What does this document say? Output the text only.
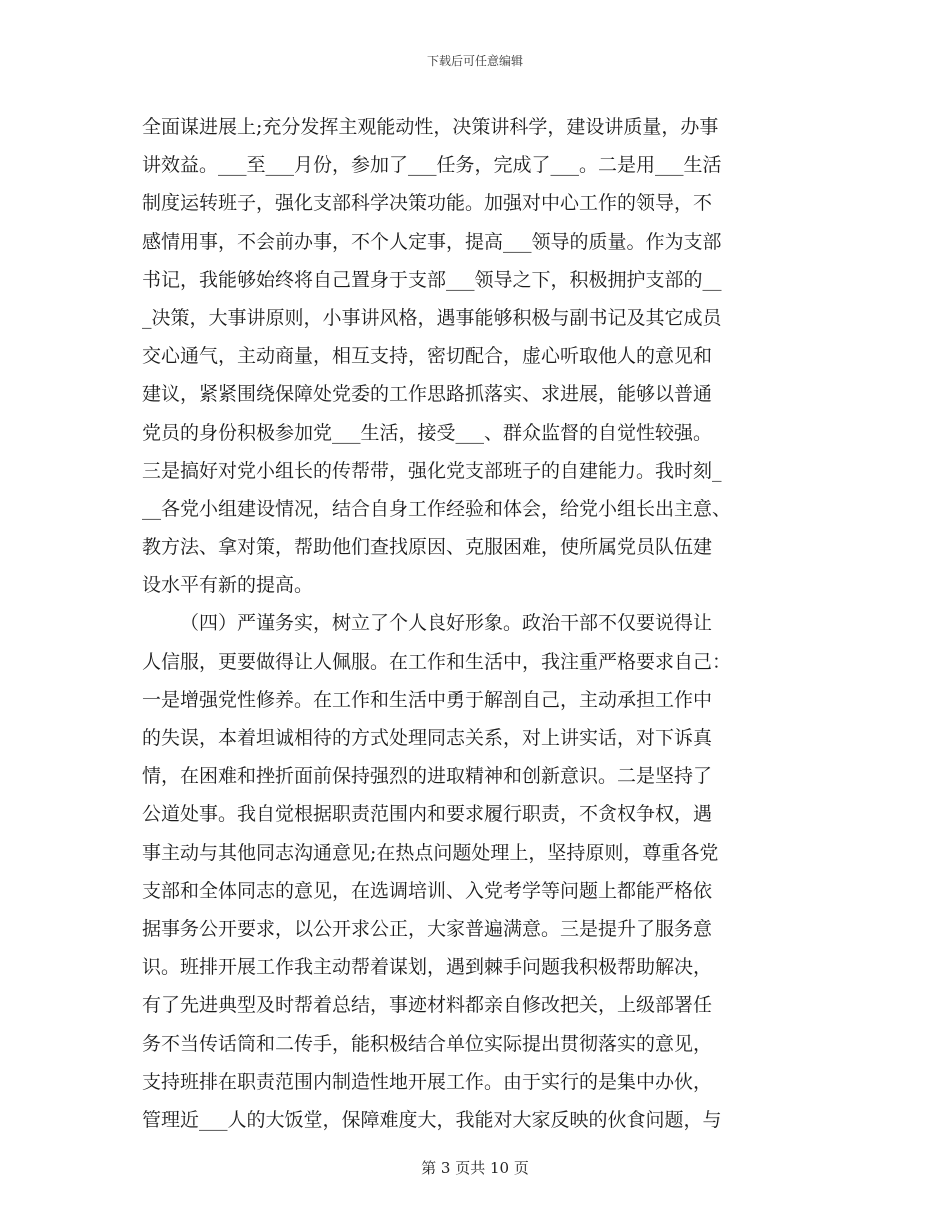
下载后可任意编辑
全面谋进展上;充分发挥主观能动性，决策讲科学，建设讲质量，办事
讲效益。___至___月份，参加了___任务，完成了___。二是用___生活
制度运转班子，强化支部科学决策功能。加强对中心工作的领导，不
感情用事，不会前办事，不个人定事，提高___领导的质量。作为支部
书记，我能够始终将自己置身于支部___领导之下，积极拥护支部的__
_决策，大事讲原则，小事讲风格，遇事能够积极与副书记及其它成员
交心通气，主动商量，相互支持，密切配合，虚心听取他人的意见和
建议，紧紧围绕保障处党委的工作思路抓落实、求进展，能够以普通
党员的身份积极参加党___生活，接受___、群众监督的自觉性较强。
三是搞好对党小组长的传帮带，强化党支部班子的自建能力。我时刻_
__各党小组建设情况，结合自身工作经验和体会，给党小组长出主意、
教方法、拿对策，帮助他们查找原因、克服困难，使所属党员队伍建
设水平有新的提高。
（四）严谨务实，树立了个人良好形象。政治干部不仅要说得让
人信服，更要做得让人佩服。在工作和生活中，我注重严格要求自己：
一是增强党性修养。在工作和生活中勇于解剖自己，主动承担工作中
的失误，本着坦诚相待的方式处理同志关系，对上讲实话，对下诉真
情，在困难和挫折面前保持强烈的进取精神和创新意识。二是坚持了
公道处事。我自觉根据职责范围内和要求履行职责，不贪权争权，遇
事主动与其他同志沟通意见;在热点问题处理上，坚持原则，尊重各党
支部和全体同志的意见，在选调培训、入党考学等问题上都能严格依
据事务公开要求，以公开求公正，大家普遍满意。三是提升了服务意
识。班排开展工作我主动帮着谋划，遇到棘手问题我积极帮助解决，
有了先进典型及时帮着总结，事迹材料都亲自修改把关，上级部署任
务不当传话筒和二传手，能积极结合单位实际提出贯彻落实的意见，
支持班排在职责范围内制造性地开展工作。由于实行的是集中办伙，
管理近___人的大饭堂，保障难度大，我能对大家反映的伙食问题，与
第 3 页共 10 页
